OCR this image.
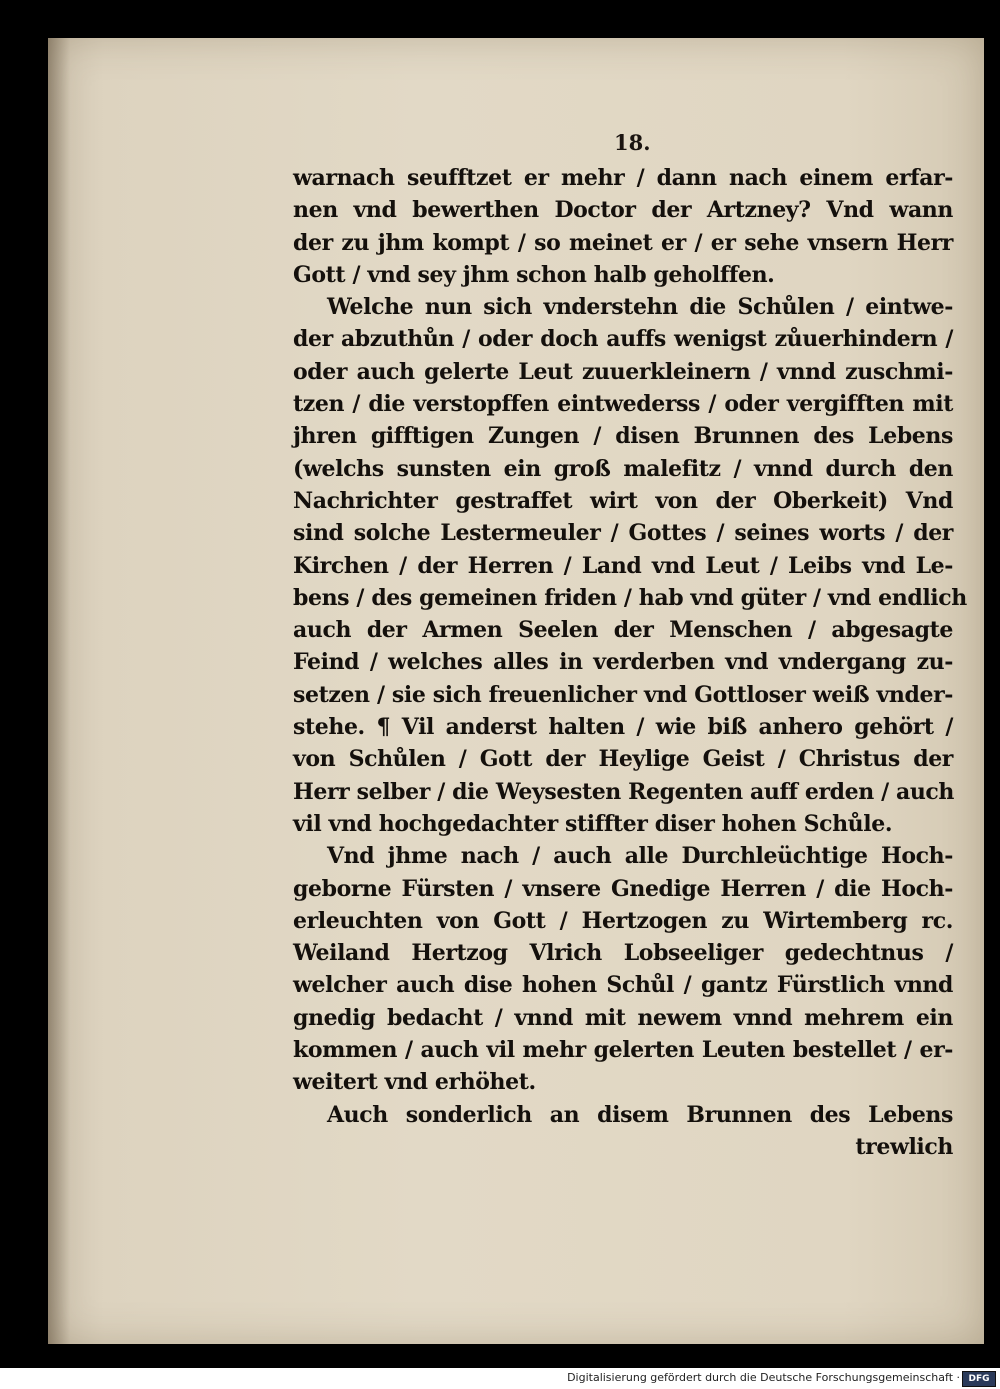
18.
warnach seufftzet er mehr / dann nach einem erfar-
nen vnd bewerthen Doctor der Artzney? Vnd wann
der zu jhm kompt / so meinet er / er sehe vnsern Herr
Gott / vnd sey jhm schon halb geholffen.
Welche nun sich vnderstehn die Schůlen / eintwe-
der abzuthůn / oder doch auffs wenigst zůuerhindern /
oder auch gelerte Leut zuuerkleinern / vnnd zuschmi-
tzen / die verstopffen eintwederss / oder vergifften mit
jhren gifftigen Zungen / disen Brunnen des Lebens
(welchs sunsten ein groß malefitz / vnnd durch den
Nachrichter gestraffet wirt von der Oberkeit) Vnd
sind solche Lestermeuler / Gottes / seines worts / der
Kirchen / der Herren / Land vnd Leut / Leibs vnd Le-
bens / des gemeinen friden / hab vnd güter / vnd endlich
auch der Armen Seelen der Menschen / abgesagte
Feind / welches alles in verderben vnd vndergang zu-
setzen / sie sich freuenlicher vnd Gottloser weiß vnder-
stehe. ¶ Vil anderst halten / wie biß anhero gehört /
von Schůlen / Gott der Heylige Geist / Christus der
Herr selber / die Weysesten Regenten auff erden / auch
vil vnd hochgedachter stiffter diser hohen Schůle.
Vnd jhme nach / auch alle Durchleüchtige Hoch-
geborne Fürsten / vnsere Gnedige Herren / die Hoch-
erleuchten von Gott / Hertzogen zu Wirtemberg rc.
Weiland Hertzog Vlrich Lobseeliger gedechtnus /
welcher auch dise hohen Schůl / gantz Fürstlich vnnd
gnedig bedacht / vnnd mit newem vnnd mehrem ein
kommen / auch vil mehr gelerten Leuten bestellet / er-
weitert vnd erhöhet.
Auch sonderlich an disem Brunnen des Lebens
trewlich
Digitalisierung gefördert durch die Deutsche Forschungsgemeinschaft · DFG
